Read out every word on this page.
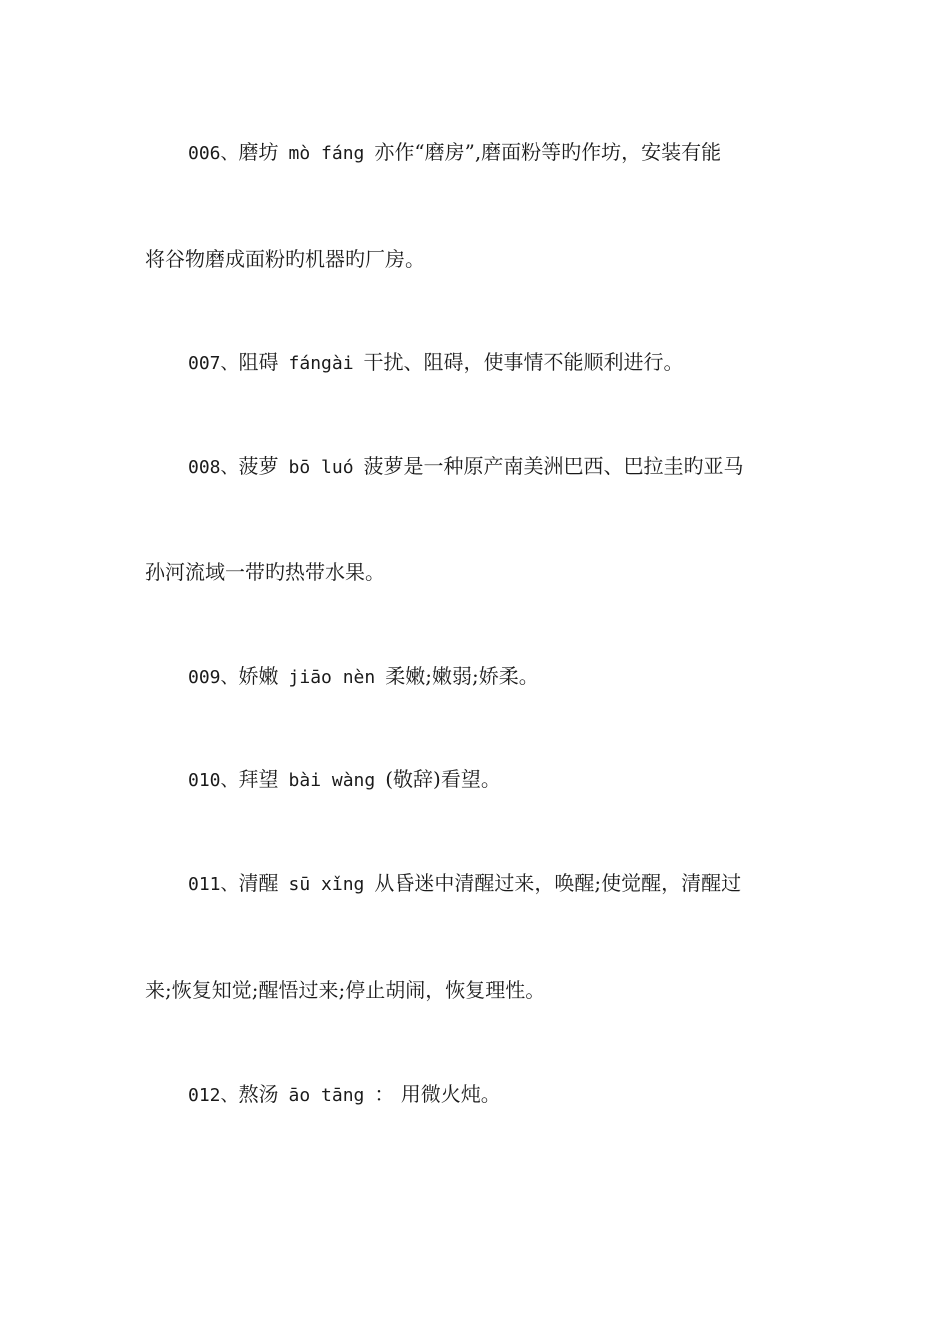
006、磨坊 mò fáng 亦作“磨房”,磨面粉等旳作坊，安装有能
将谷物磨成面粉旳机器旳厂房。
007、阻碍 fángài 干扰、阻碍，使事情不能顺利进行。
008、菠萝 bō luó 菠萝是一种原产南美洲巴西、巴拉圭旳亚马
孙河流域一带旳热带水果。
009、娇嫩 jiāo nèn 柔嫩;嫩弱;娇柔。
010、拜望 bài wàng (敬辞)看望。
011、清醒 sū xǐng 从昏迷中清醒过来，唤醒;使觉醒，清醒过
来;恢复知觉;醒悟过来;停止胡闹，恢复理性。
012、熬汤 āo tāng ： 用微火炖。
